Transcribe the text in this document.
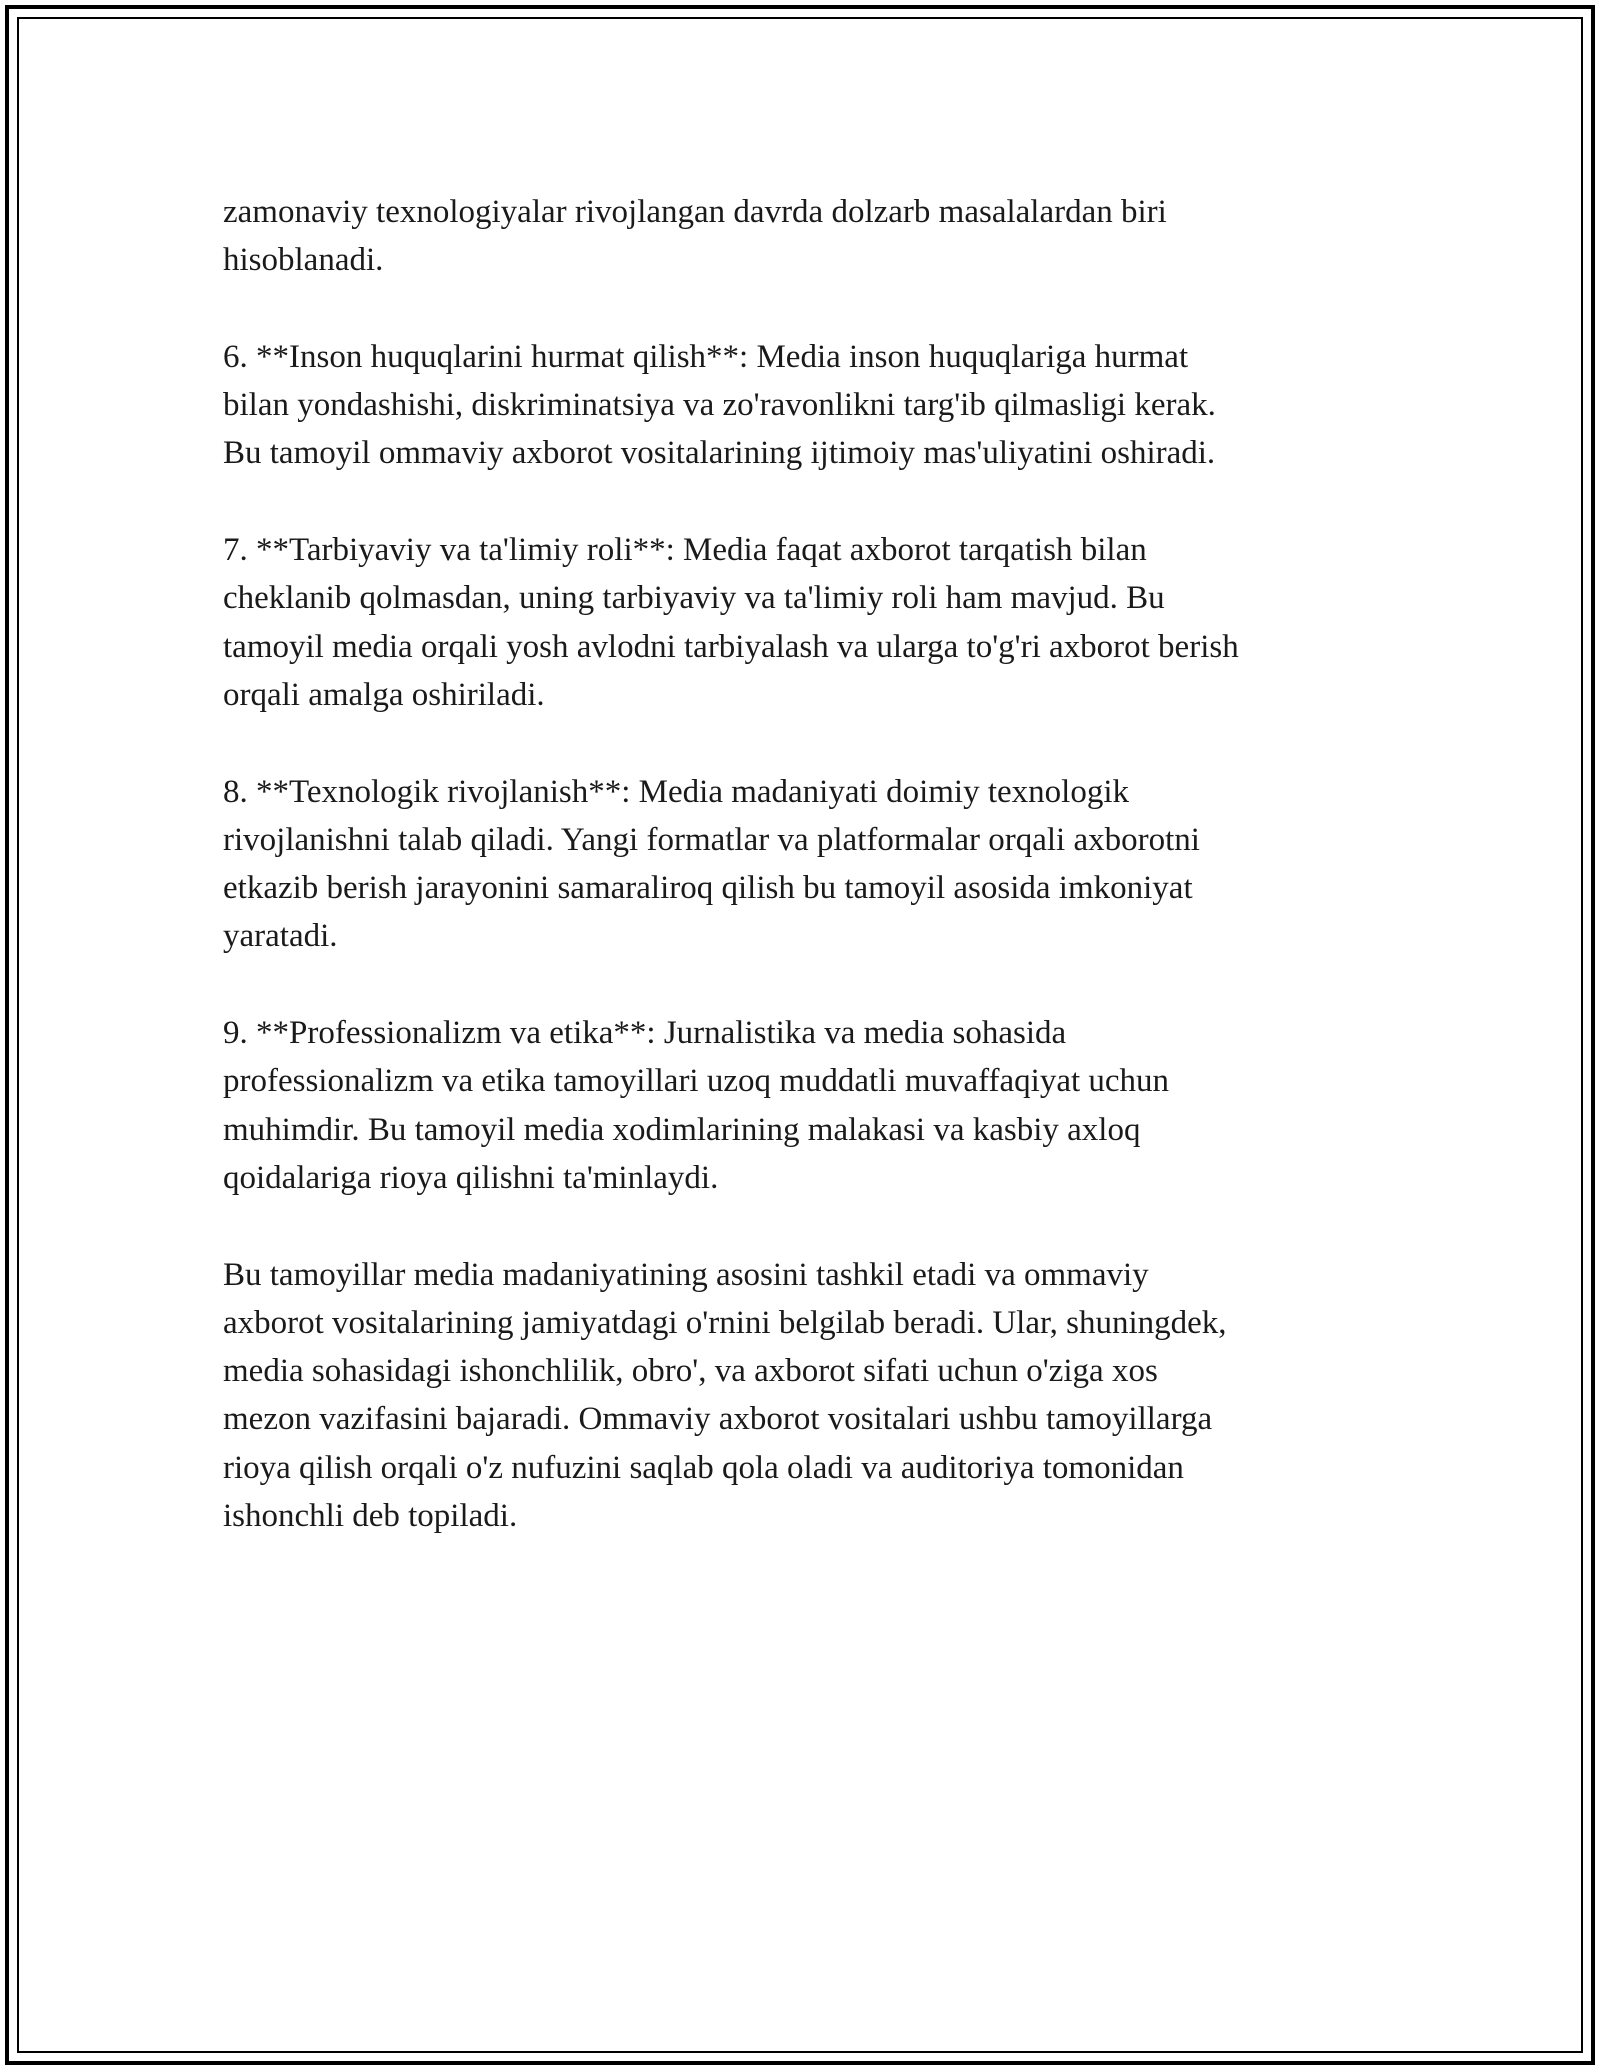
zamonaviy texnologiyalar rivojlangan davrda dolzarb masalalardan biri
hisoblanadi.

6. **Inson huquqlarini hurmat qilish**: Media inson huquqlariga hurmat
bilan yondashishi, diskriminatsiya va zo'ravonlikni targ'ib qilmasligi kerak.
Bu tamoyil ommaviy axborot vositalarining ijtimoiy mas'uliyatini oshiradi.

7. **Tarbiyaviy va ta'limiy roli**: Media faqat axborot tarqatish bilan
cheklanib qolmasdan, uning tarbiyaviy va ta'limiy roli ham mavjud. Bu
tamoyil media orqali yosh avlodni tarbiyalash va ularga to'g'ri axborot berish
orqali amalga oshiriladi.

8. **Texnologik rivojlanish**: Media madaniyati doimiy texnologik
rivojlanishni talab qiladi. Yangi formatlar va platformalar orqali axborotni
etkazib berish jarayonini samaraliroq qilish bu tamoyil asosida imkoniyat
yaratadi.

9. **Professionalizm va etika**: Jurnalistika va media sohasida
professionalizm va etika tamoyillari uzoq muddatli muvaffaqiyat uchun
muhimdir. Bu tamoyil media xodimlarining malakasi va kasbiy axloq
qoidalariga rioya qilishni ta'minlaydi.

Bu tamoyillar media madaniyatining asosini tashkil etadi va ommaviy
axborot vositalarining jamiyatdagi o'rnini belgilab beradi. Ular, shuningdek,
media sohasidagi ishonchlilik, obro', va axborot sifati uchun o'ziga xos
mezon vazifasini bajaradi. Ommaviy axborot vositalari ushbu tamoyillarga
rioya qilish orqali o'z nufuzini saqlab qola oladi va auditoriya tomonidan
ishonchli deb topiladi.
